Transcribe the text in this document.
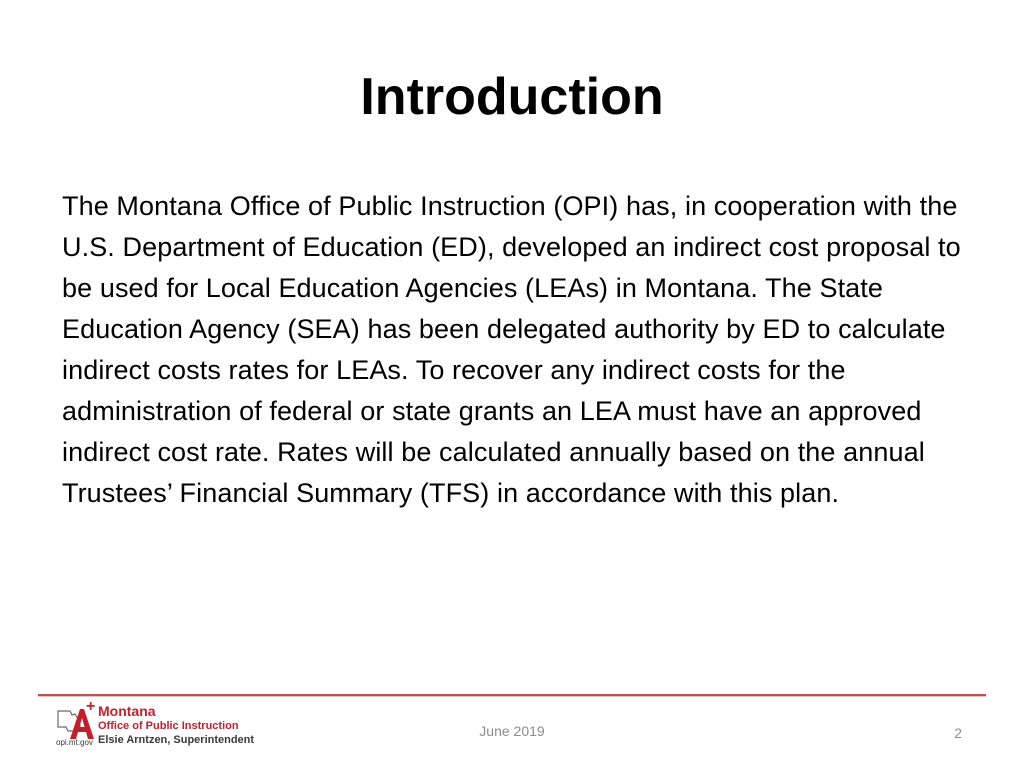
Introduction

The Montana Office of Public Instruction (OPI) has, in cooperation with the U.S. Department of Education (ED), developed an indirect cost proposal to be used for Local Education Agencies (LEAs) in Montana. The State Education Agency (SEA) has been delegated authority by ED to calculate indirect costs rates for LEAs. To recover any indirect costs for the administration of federal or state grants an LEA must have an approved indirect cost rate. Rates will be calculated annually based on the annual Trustees’ Financial Summary (TFS) in accordance with this plan.

+ Montana
Office of Public Instruction
Elsie Arntzen, Superintendent
opi.mt.gov
June 2019	2
